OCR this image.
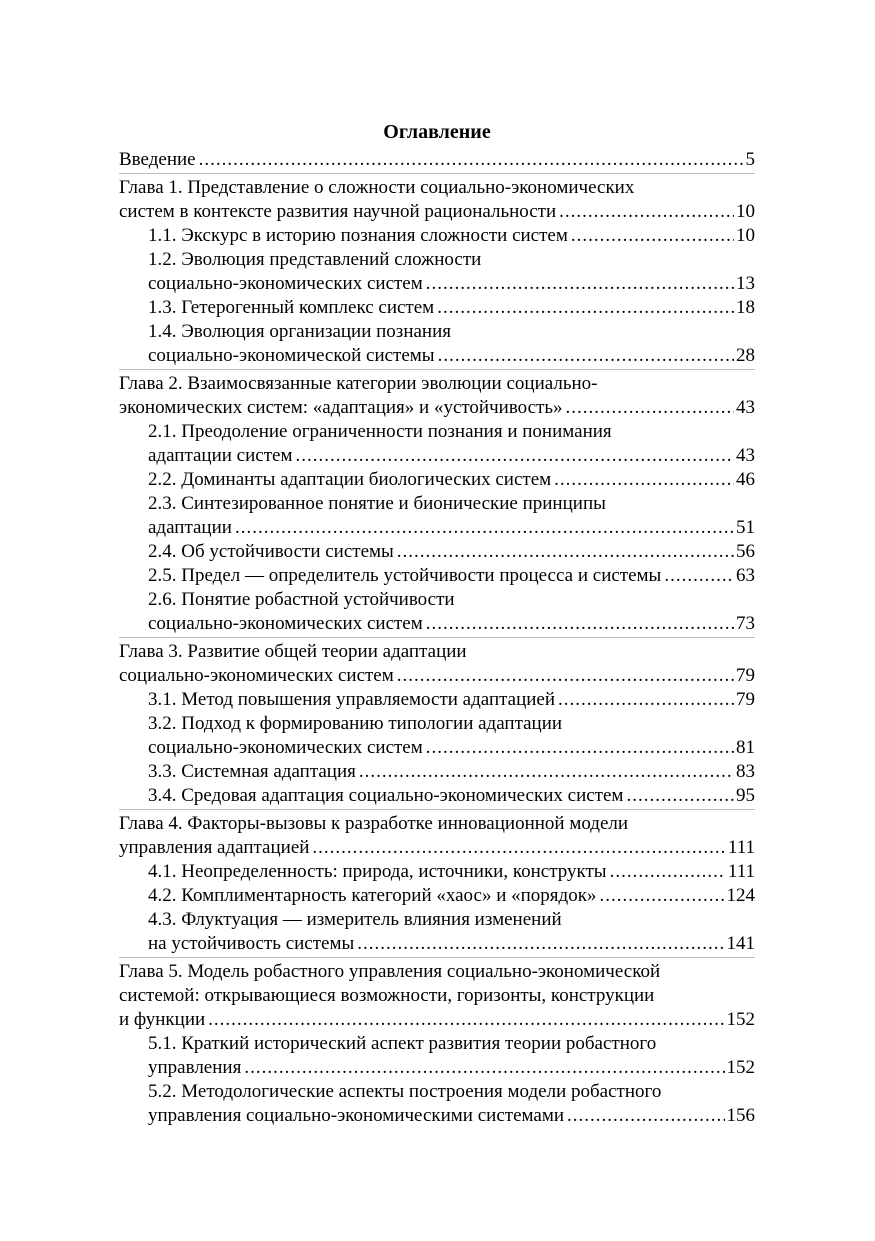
Оглавление
Введение .....	5
Глава 1. Представление о сложности социально-экономических
систем в контексте развития научной рациональности .....	10
1.1. Экскурс в историю познания сложности систем .....	10
1.2. Эволюция представлений сложности
социально-экономических систем .....	13
1.3. Гетерогенный комплекс систем .....	18
1.4. Эволюция организации познания
социально-экономической системы .....	28
Глава 2. Взаимосвязанные категории эволюции социально-
экономических систем: «адаптация» и «устойчивость» .....	43
2.1. Преодоление ограниченности познания и понимания
адаптации систем .....	43
2.2. Доминанты адаптации биологических систем .....	46
2.3. Синтезированное понятие и бионические принципы
адаптации .....	51
2.4. Об устойчивости системы .....	56
2.5. Предел — определитель устойчивости процесса и системы .....	63
2.6. Понятие робастной устойчивости
социально-экономических систем .....	73
Глава 3. Развитие общей теории адаптации
социально-экономических систем .....	79
3.1. Метод повышения управляемости адаптацией .....	79
3.2. Подход к формированию типологии адаптации
социально-экономических систем .....	81
3.3. Системная адаптация .....	83
3.4. Средовая адаптация социально-экономических систем .....	95
Глава 4. Факторы-вызовы к разработке инновационной модели
управления адаптацией .....	111
4.1. Неопределенность: природа, источники, конструкты .....	111
4.2. Комплиментарность категорий «хаос» и «порядок» .....	124
4.3. Флуктуация — измеритель влияния изменений
на устойчивость системы .....	141
Глава 5. Модель робастного управления социально-экономической
системой: открывающиеся возможности, горизонты, конструкции
и функции .....	152
5.1. Краткий исторический аспект развития теории робастного
управления .....	152
5.2. Методологические аспекты построения модели робастного
управления социально-экономическими системами .....	156
